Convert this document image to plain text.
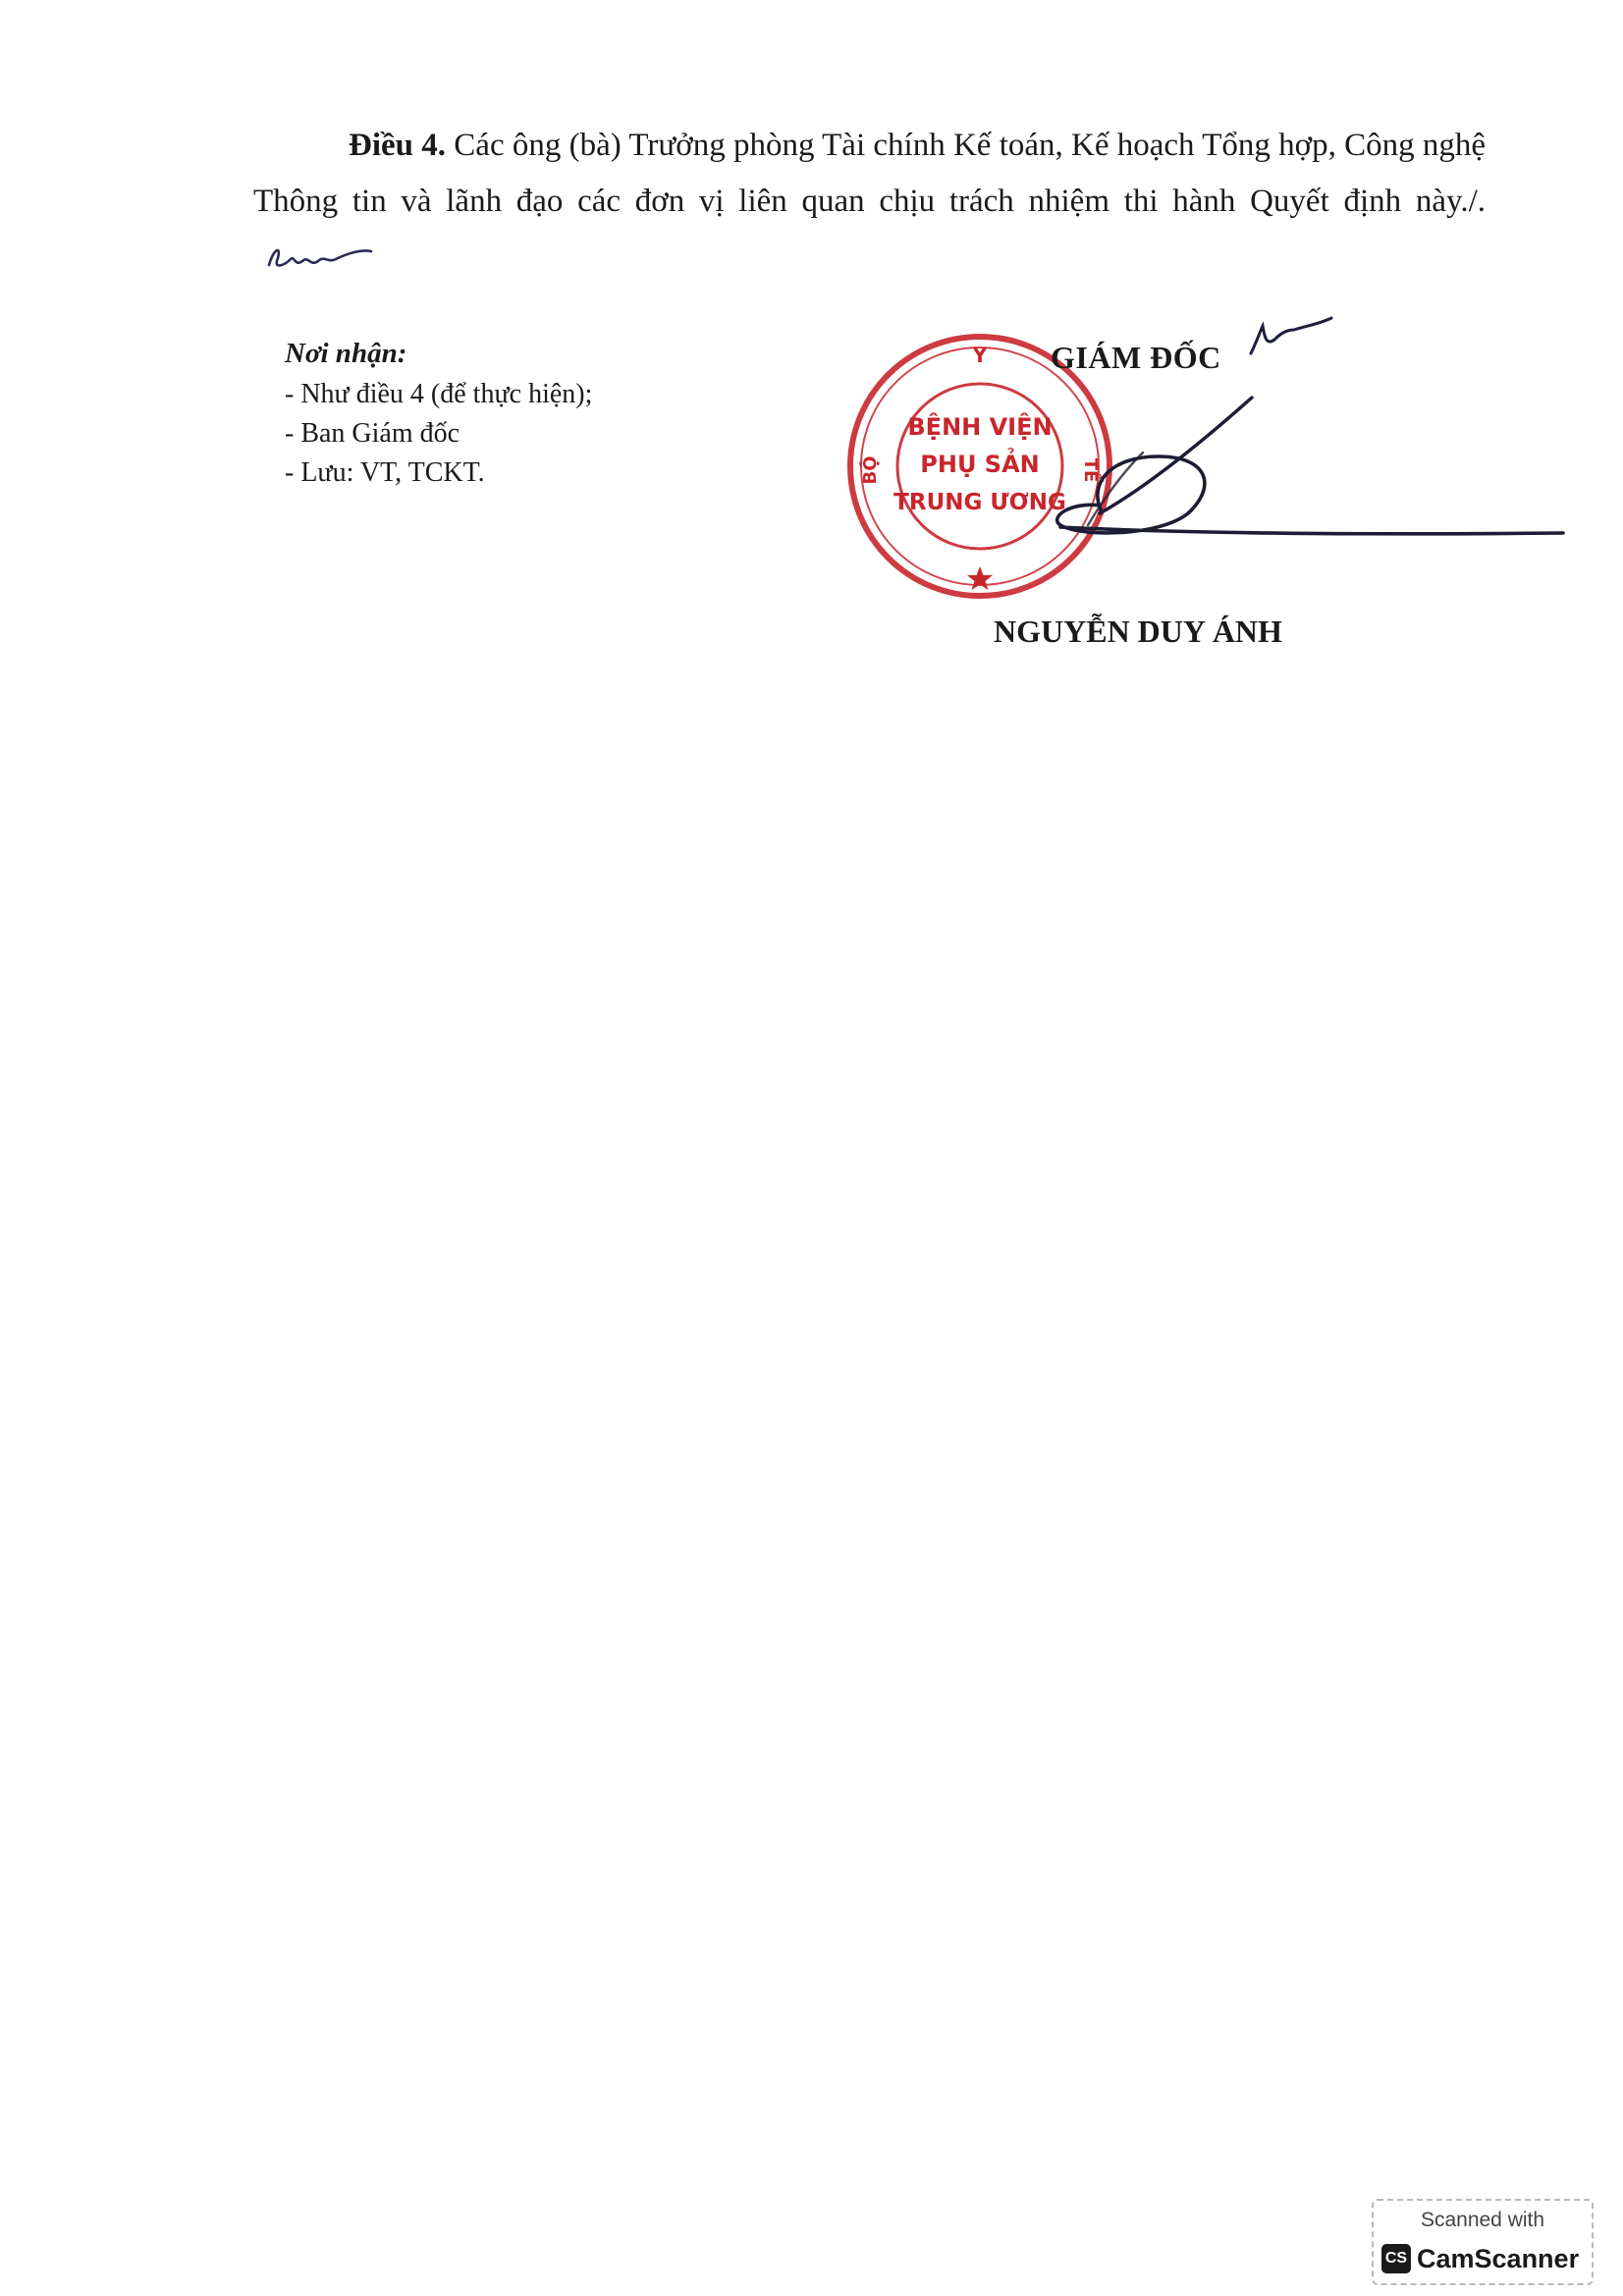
Điều 4. Các ông (bà) Trưởng phòng Tài chính Kế toán, Kế hoạch Tổng hợp, Công nghệ Thông tin và lãnh đạo các đơn vị liên quan chịu trách nhiệm thi hành Quyết định này./.
Nơi nhận:
- Như điều 4 (để thực hiện);
- Ban Giám đốc
- Lưu: VT, TCKT.
Y
BỘ	TẾ
BỆNH VIỆN
PHỤ SẢN
TRUNG ƯƠNG
GIÁM ĐỐC
NGUYỄN DUY ÁNH
Scanned with
CS CamScanner
